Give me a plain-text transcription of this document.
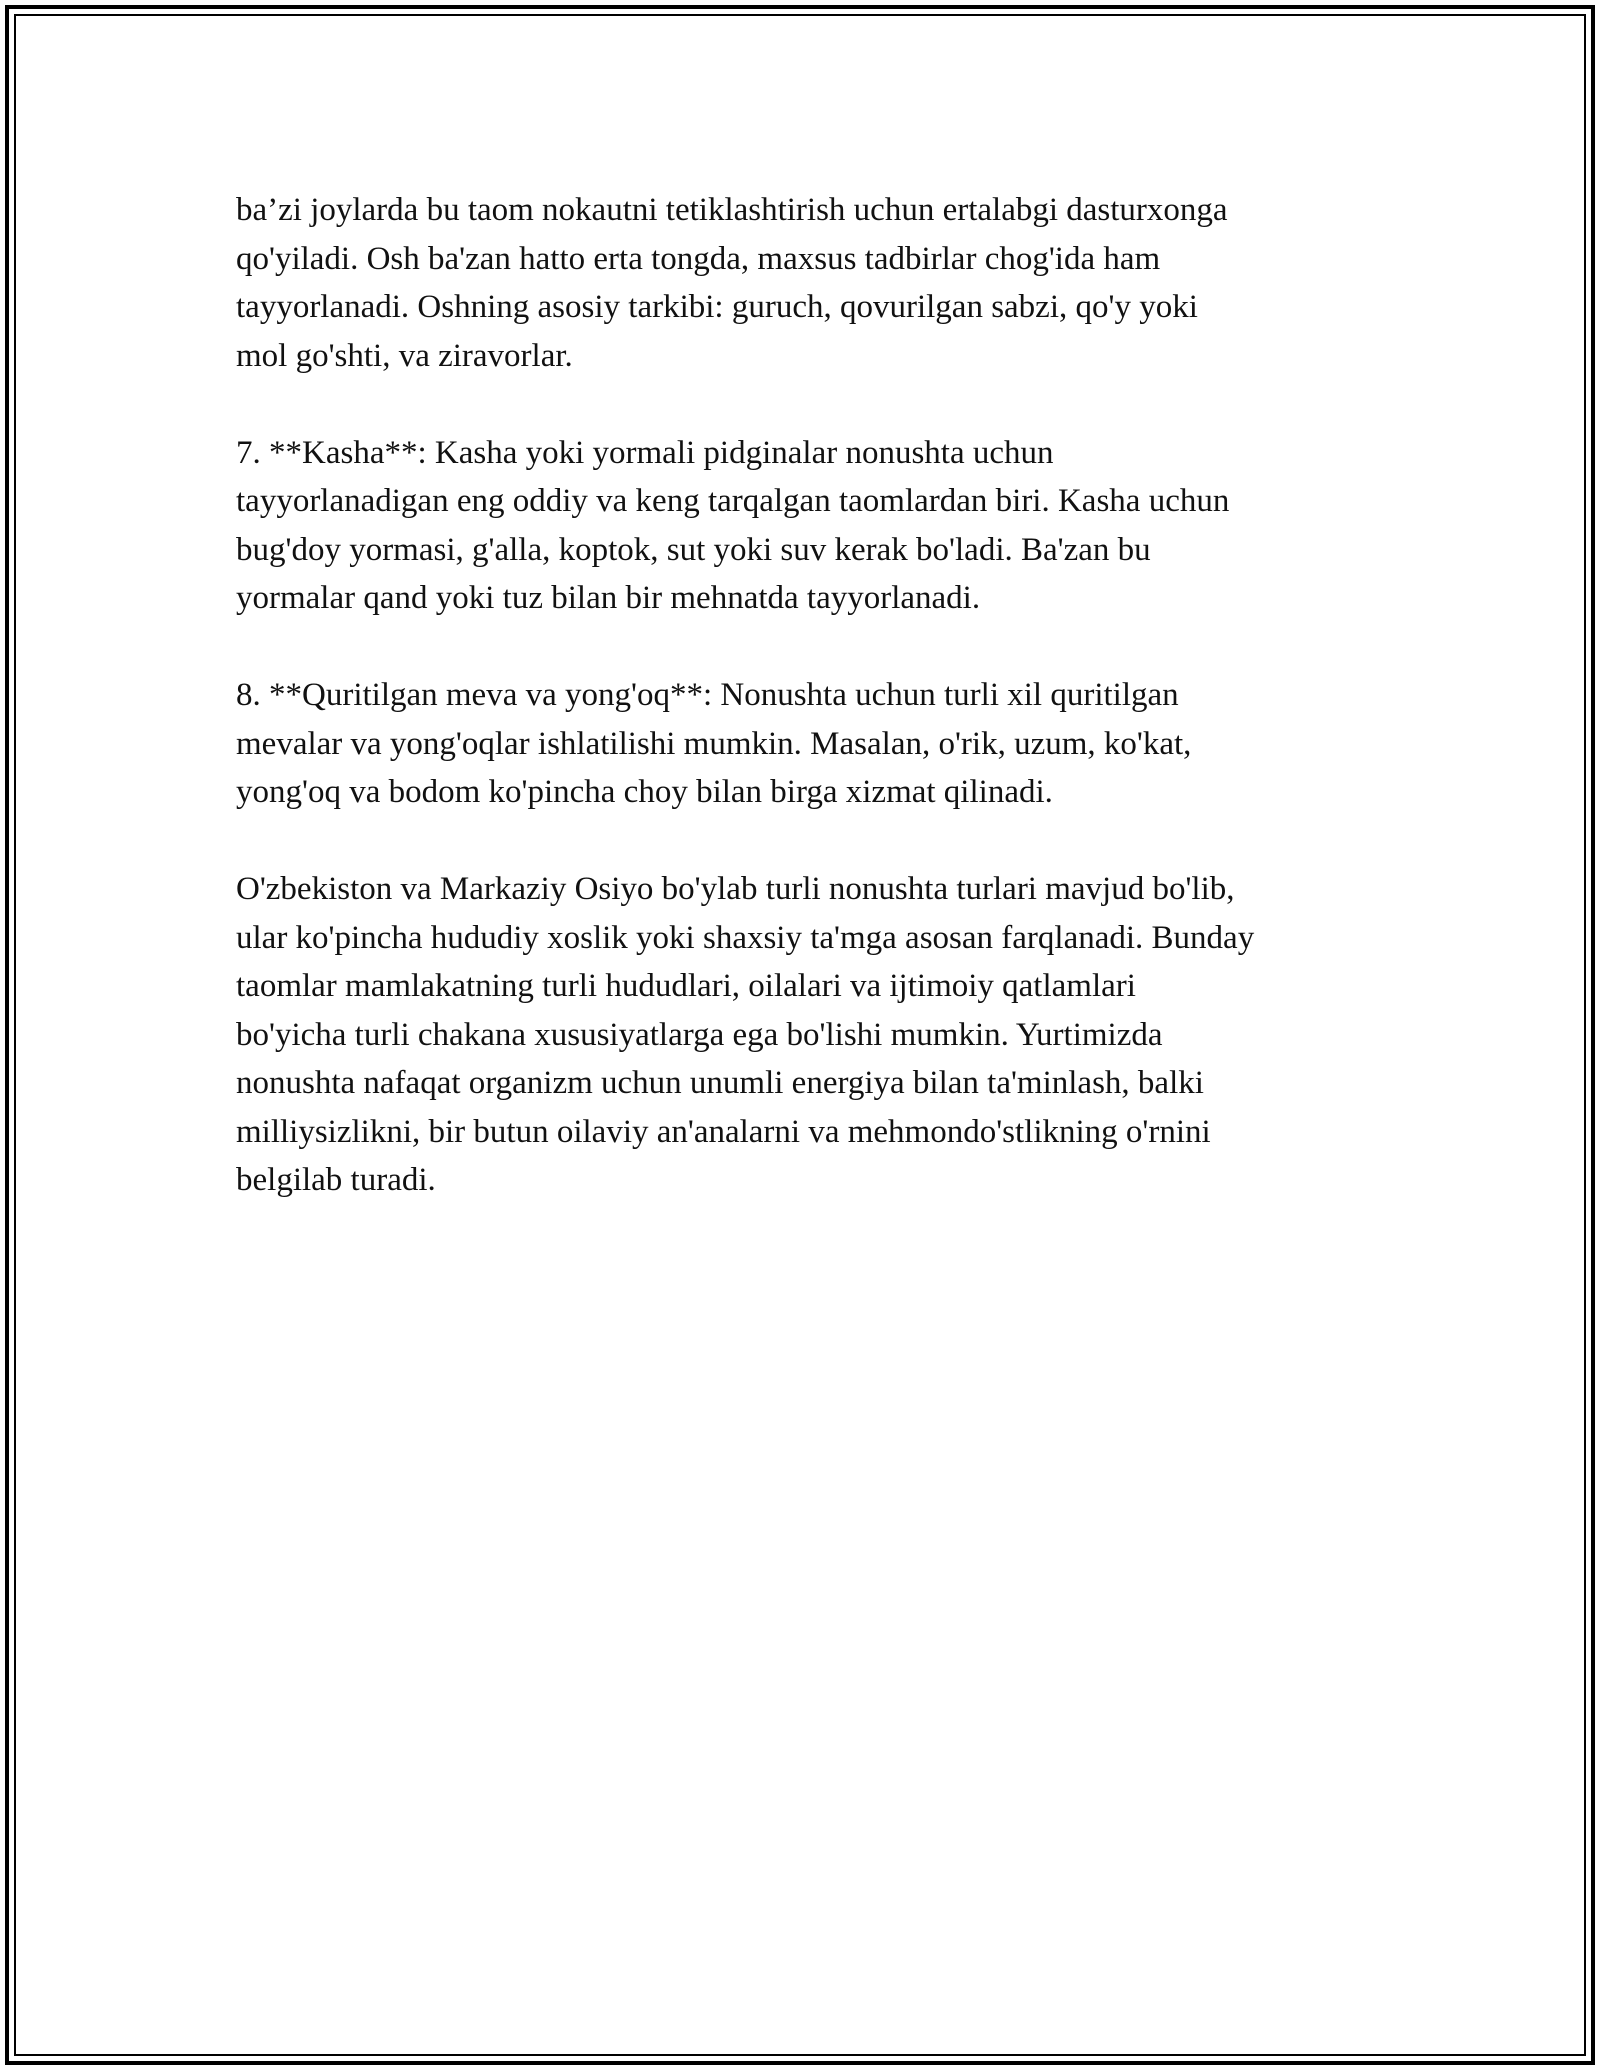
ba’zi joylarda bu taom nokautni tetiklashtirish uchun ertalabgi dasturxonga
qo'yiladi. Osh ba'zan hatto erta tongda, maxsus tadbirlar chog'ida ham
tayyorlanadi. Oshning asosiy tarkibi: guruch, qovurilgan sabzi, qo'y yoki
mol go'shti, va ziravorlar.

7. **Kasha**: Kasha yoki yormali pidginalar nonushta uchun
tayyorlanadigan eng oddiy va keng tarqalgan taomlardan biri. Kasha uchun
bug'doy yormasi, g'alla, koptok, sut yoki suv kerak bo'ladi. Ba'zan bu
yormalar qand yoki tuz bilan bir mehnatda tayyorlanadi.

8. **Quritilgan meva va yong'oq**: Nonushta uchun turli xil quritilgan
mevalar va yong'oqlar ishlatilishi mumkin. Masalan, o'rik, uzum, ko'kat,
yong'oq va bodom ko'pincha choy bilan birga xizmat qilinadi.

O'zbekiston va Markaziy Osiyo bo'ylab turli nonushta turlari mavjud bo'lib,
ular ko'pincha hududiy xoslik yoki shaxsiy ta'mga asosan farqlanadi. Bunday
taomlar mamlakatning turli hududlari, oilalari va ijtimoiy qatlamlari
bo'yicha turli chakana xususiyatlarga ega bo'lishi mumkin. Yurtimizda
nonushta nafaqat organizm uchun unumli energiya bilan ta'minlash, balki
milliysizlikni, bir butun oilaviy an'analarni va mehmondo'stlikning o'rnini
belgilab turadi.
